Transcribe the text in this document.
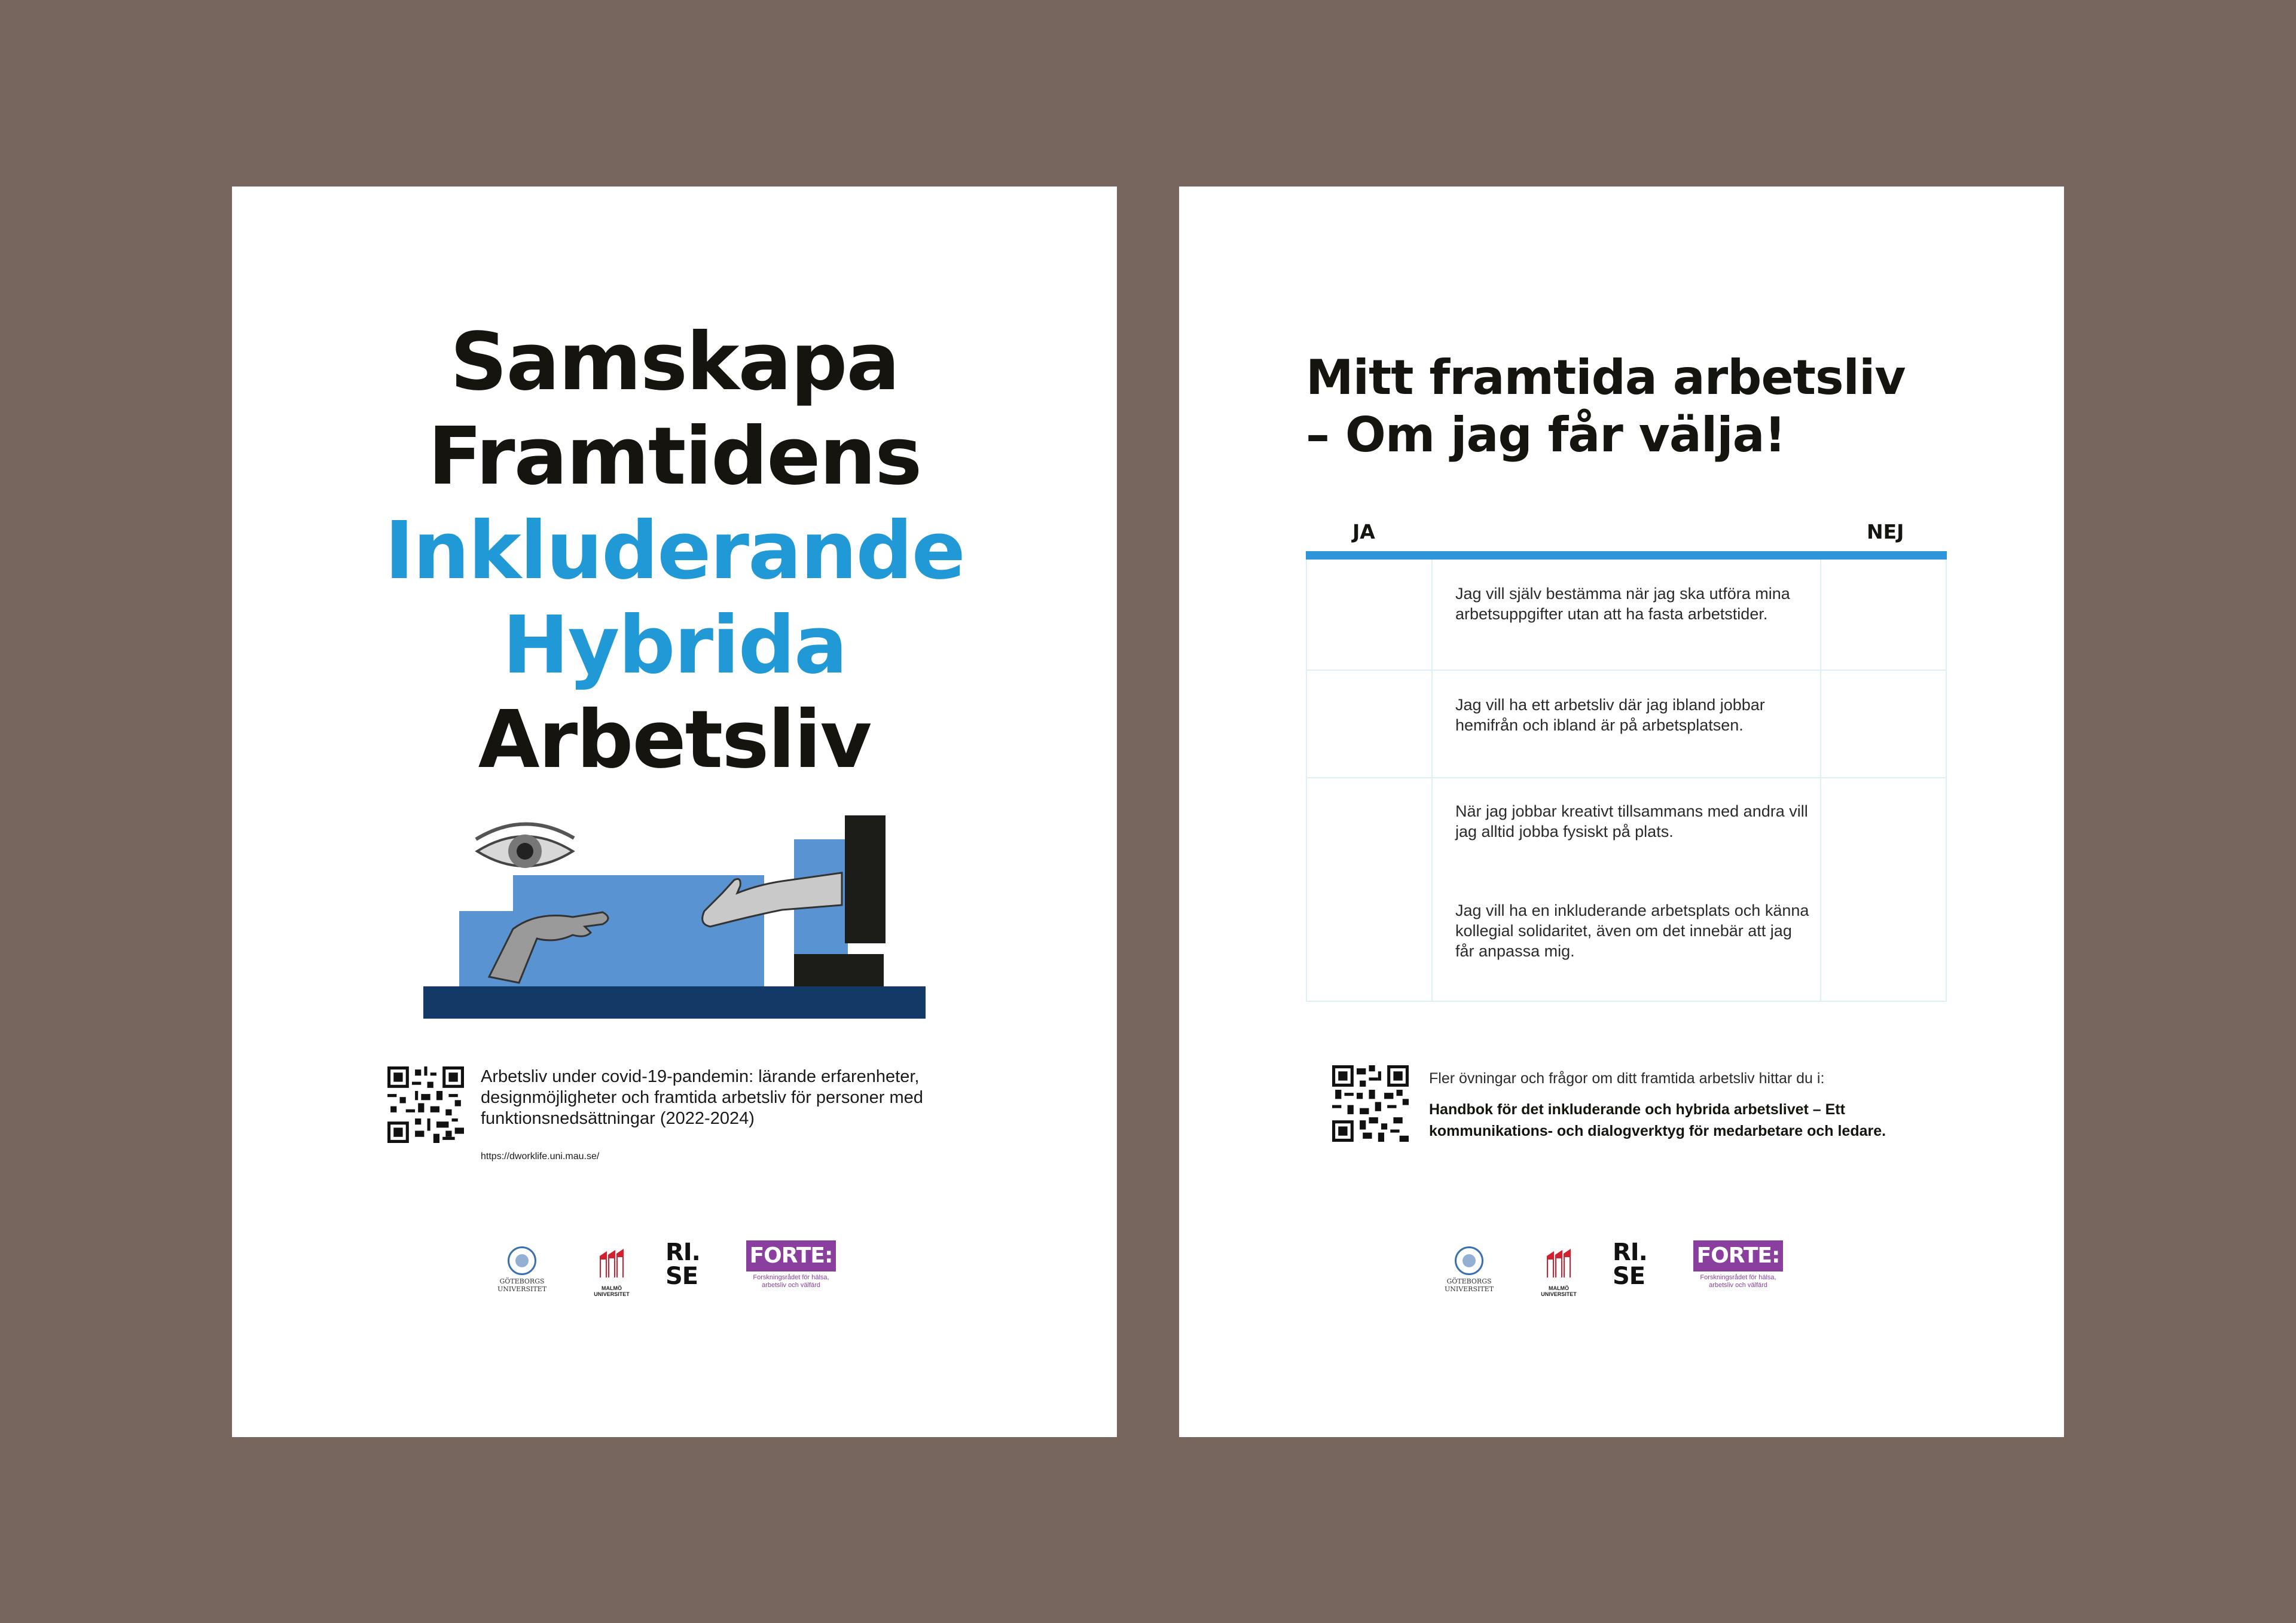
Samskapa
Framtidens
Inkluderande
Hybrida
Arbetsliv
Arbetsliv under covid-19-pandemin: lärande erfarenheter, designmöjligheter och framtida arbetsliv för personer med funktionsnedsättningar (2022-2024)
https://dworklife.uni.mau.se/
GÖTEBORGS
UNIVERSITET	MALMÖ
UNIVERSITET
RI.
SE
FORTE:
Forskningsrådet för hälsa, arbetsliv och välfärd
Mitt framtida arbetsliv
– Om jag får välja!
JA	NEJ
Jag vill själv bestämma när jag ska utföra mina arbetsuppgifter utan att ha fasta arbetstider.
Jag vill ha ett arbetsliv där jag ibland jobbar hemifrån och ibland är på arbetsplatsen.
När jag jobbar kreativt tillsammans med andra vill jag alltid jobba fysiskt på plats.
Jag vill ha en inkluderande arbetsplats och känna kollegial solidaritet, även om det innebär att jag får anpassa mig.
Fler övningar och frågor om ditt framtida arbetsliv hittar du i:
Handbok för det inkluderande och hybrida arbetslivet – Ett kommunikations- och dialogverktyg för medarbetare och ledare.
GÖTEBORGS
UNIVERSITET	MALMÖ
UNIVERSITET
RI.
SE
FORTE:
Forskningsrådet för hälsa, arbetsliv och välfärd
